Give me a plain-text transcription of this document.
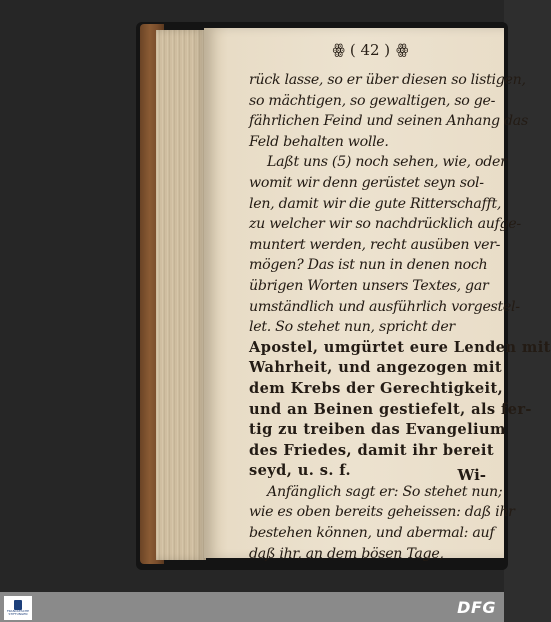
ꙮ ( 42 ) ꙮ
rück lasse, so er über diesen so listigen,
so mächtigen, so gewaltigen, so ge-
fährlichen Feind und seinen Anhang das
Feld behalten wolle.
Laßt uns (5) noch sehen, wie, oder
womit wir denn gerüstet seyn sol-
len, damit wir die gute Ritterschafft,
zu welcher wir so nachdrücklich aufge-
muntert werden, recht ausüben ver-
mögen? Das ist nun in denen noch
übrigen Worten unsers Textes, gar
umständlich und ausführlich vorgestel-
let. So stehet nun, spricht der
Apostel, umgürtet eure Lenden mit
Wahrheit, und angezogen mit
dem Krebs der Gerechtigkeit,
und an Beinen gestiefelt, als fer-
tig zu treiben das Evangelium
des Friedes, damit ihr bereit
seyd, u. s. f.
Anfänglich sagt er: So stehet nun;
wie es oben bereits geheissen: daß ihr
bestehen können, und abermal: auf
daß ihr, an dem bösen Tage,
Wi-
FRANCKESCHE STIFTUNGEN	DFG
